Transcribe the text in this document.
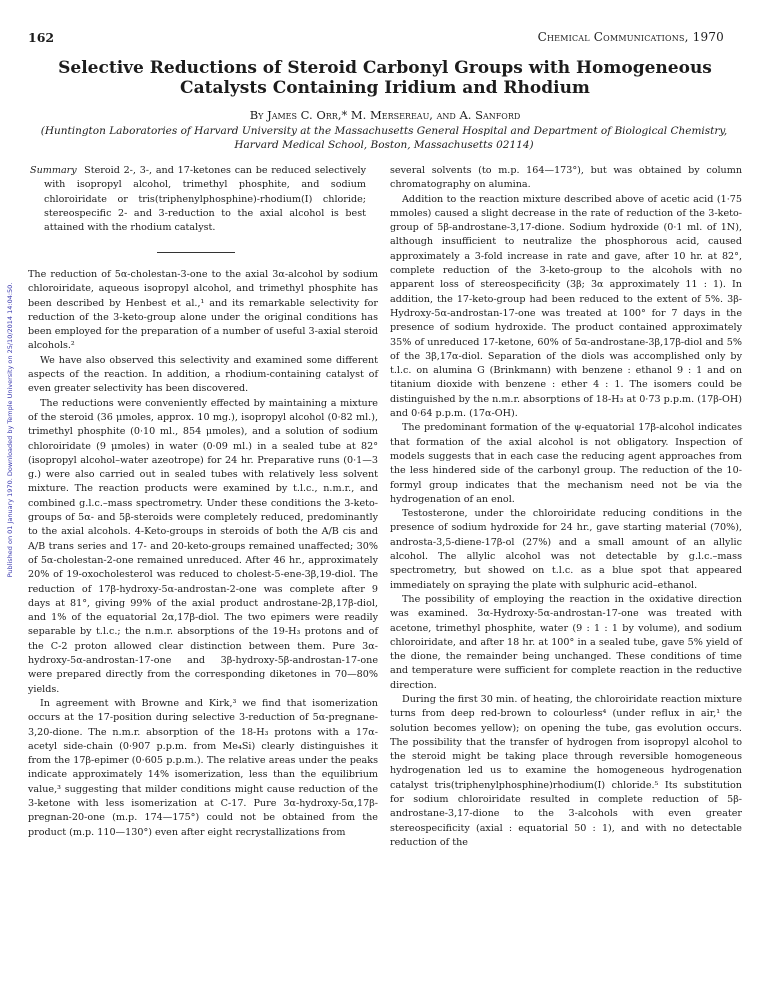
Published on 01 January 1970. Downloaded by Temple University on 25/10/2014 14:04:50.
162	Chemical Communications, 1970
Selective Reductions of Steroid Carbonyl Groups with Homogeneous Catalysts Containing Iridium and Rhodium
By James C. Orr,* M. Mersereau, and A. Sanford
(Huntington Laboratories of Harvard University at the Massachusetts General Hospital and Department of Biological Chemistry, Harvard Medical School, Boston, Massachusetts 02114)

Summary Steroid 2-, 3-, and 17-ketones can be reduced selectively with isopropyl alcohol, trimethyl phosphite, and sodium chloroiridate or tris(triphenylphosphine)-rhodium(I) chloride; stereospecific 2- and 3-reduction to the axial alcohol is best attained with the rhodium catalyst.

The reduction of 5α-cholestan-3-one to the axial 3α-alcohol by sodium chloroiridate, aqueous isopropyl alcohol, and trimethyl phosphite has been described by Henbest et al.,¹ and its remarkable selectivity for reduction of the 3-keto-group alone under the original conditions has been employed for the preparation of a number of useful 3-axial steroid alcohols.²

We have also observed this selectivity and examined some different aspects of the reaction. In addition, a rhodium-containing catalyst of even greater selectivity has been discovered.

The reductions were conveniently effected by maintaining a mixture of the steroid (36 μmoles, approx. 10 mg.), isopropyl alcohol (0·82 ml.), trimethyl phosphite (0·10 ml., 854 μmoles), and a solution of sodium chloroiridate (9 μmoles) in water (0·09 ml.) in a sealed tube at 82° (isopropyl alcohol–water azeotrope) for 24 hr. Preparative runs (0·1—3 g.) were also carried out in sealed tubes with relatively less solvent mixture. The reaction products were examined by t.l.c., n.m.r., and combined g.l.c.–mass spectrometry. Under these conditions the 3-keto-groups of 5α- and 5β-steroids were completely reduced, predominantly to the axial alcohols. 4-Keto-groups in steroids of both the A/B cis and A/B trans series and 17- and 20-keto-groups remained unaffected; 30% of 5α-cholestan-2-one remained unreduced. After 46 hr., approximately 20% of 19-oxocholesterol was reduced to cholest-5-ene-3β,19-diol. The reduction of 17β-hydroxy-5α-androstan-2-one was complete after 9 days at 81°, giving 99% of the axial product androstane-2β,17β-diol, and 1% of the equatorial 2α,17β-diol. The two epimers were readily separable by t.l.c.; the n.m.r. absorptions of the 19-H₃ protons and of the C-2 proton allowed clear distinction between them. Pure 3α-hydroxy-5α-androstan-17-one and 3β-hydroxy-5β-androstan-17-one were prepared directly from the corresponding diketones in 70—80% yields.

In agreement with Browne and Kirk,³ we find that isomerization occurs at the 17-position during selective 3-reduction of 5α-pregnane-3,20-dione. The n.m.r. absorption of the 18-H₃ protons with a 17α-acetyl side-chain (0·907 p.p.m. from Me₄Si) clearly distinguishes it from the 17β-epimer (0·605 p.p.m.). The relative areas under the peaks indicate approximately 14% isomerization, less than the equilibrium value,³ suggesting that milder conditions might cause reduction of the 3-ketone with less isomerization at C-17. Pure 3α-hydroxy-5α,17β-pregnan-20-one (m.p. 174—175°) could not be obtained from the product (m.p. 110—130°) even after eight recrystallizations from

several solvents (to m.p. 164—173°), but was obtained by column chromatography on alumina.

Addition to the reaction mixture described above of acetic acid (1·75 mmoles) caused a slight decrease in the rate of reduction of the 3-keto-group of 5β-androstane-3,17-dione. Sodium hydroxide (0·1 ml. of 1N), although insufficient to neutralize the phosphorous acid, caused approximately a 3-fold increase in rate and gave, after 10 hr. at 82°, complete reduction of the 3-keto-group to the alcohols with no apparent loss of stereospecificity (3β; 3α approximately 11 : 1). In addition, the 17-keto-group had been reduced to the extent of 5%. 3β-Hydroxy-5α-androstan-17-one was treated at 100° for 7 days in the presence of sodium hydroxide. The product contained approximately 35% of unreduced 17-ketone, 60% of 5α-androstane-3β,17β-diol and 5% of the 3β,17α-diol. Separation of the diols was accomplished only by t.l.c. on alumina G (Brinkmann) with benzene : ethanol 9 : 1 and on titanium dioxide with benzene : ether 4 : 1. The isomers could be distinguished by the n.m.r. absorptions of 18-H₃ at 0·73 p.p.m. (17β-OH) and 0·64 p.p.m. (17α-OH).

The predominant formation of the ψ-equatorial 17β-alcohol indicates that formation of the axial alcohol is not obligatory. Inspection of models suggests that in each case the reducing agent approaches from the less hindered side of the carbonyl group. The reduction of the 10-formyl group indicates that the mechanism need not be via the hydrogenation of an enol.

Testosterone, under the chloroiridate reducing conditions in the presence of sodium hydroxide for 24 hr., gave starting material (70%), androsta-3,5-diene-17β-ol (27%) and a small amount of an allylic alcohol. The allylic alcohol was not detectable by g.l.c.–mass spectrometry, but showed on t.l.c. as a blue spot that appeared immediately on spraying the plate with sulphuric acid–ethanol.

The possibility of employing the reaction in the oxidative direction was examined. 3α-Hydroxy-5α-androstan-17-one was treated with acetone, trimethyl phosphite, water (9 : 1 : 1 by volume), and sodium chloroiridate, and after 18 hr. at 100° in a sealed tube, gave 5% yield of the dione, the remainder being unchanged. These conditions of time and temperature were sufficient for complete reaction in the reductive direction.

During the first 30 min. of heating, the chloroiridate reaction mixture turns from deep red-brown to colourless⁴ (under reflux in air,¹ the solution becomes yellow); on opening the tube, gas evolution occurs. The possibility that the transfer of hydrogen from isopropyl alcohol to the steroid might be taking place through reversible homogeneous hydrogenation led us to examine the homogeneous hydrogenation catalyst tris(triphenylphosphine)rhodium(I) chloride.⁵ Its substitution for sodium chloroiridate resulted in complete reduction of 5β-androstane-3,17-dione to the 3-alcohols with even greater stereospecificity (axial : equatorial 50 : 1), and with no detectable reduction of the
